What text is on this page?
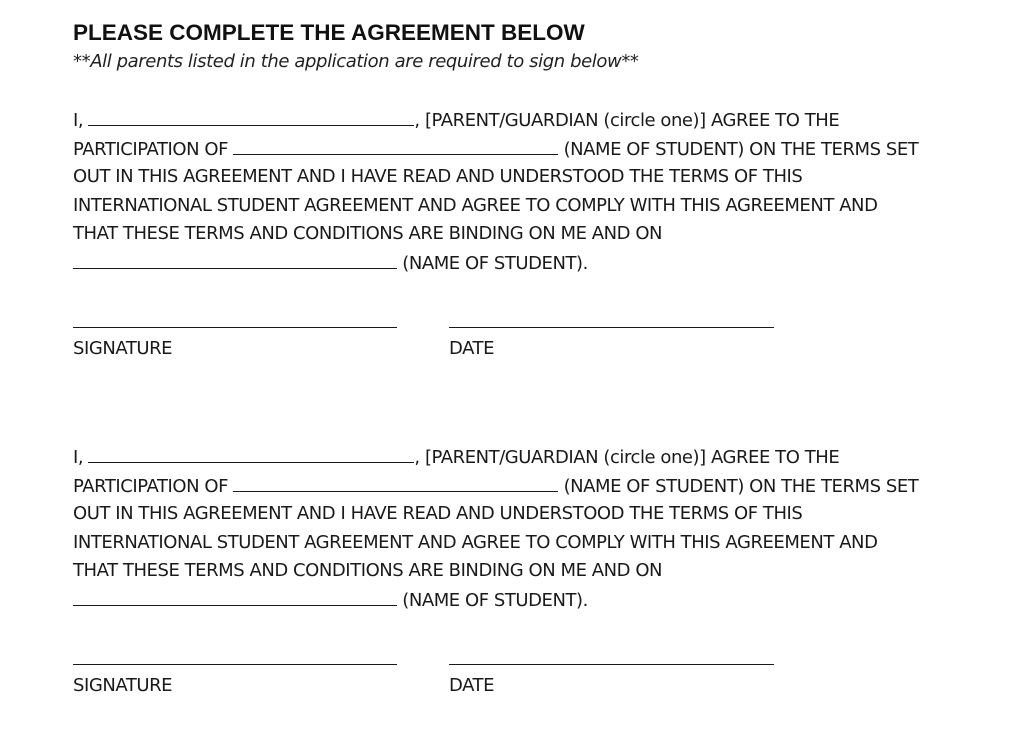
PLEASE COMPLETE THE AGREEMENT BELOW

**All parents listed in the application are required to sign below**

I,	, [PARENT/GUARDIAN (circle one)] AGREE TO THE
PARTICIPATION OF	(NAME OF STUDENT) ON THE TERMS SET
OUT IN THIS AGREEMENT AND I HAVE READ AND UNDERSTOOD THE TERMS OF THIS
INTERNATIONAL STUDENT AGREEMENT AND AGREE TO COMPLY WITH THIS AGREEMENT AND
THAT THESE TERMS AND CONDITIONS ARE BINDING ON ME AND ON
(NAME OF STUDENT).
SIGNATURE	DATE
I,	, [PARENT/GUARDIAN (circle one)] AGREE TO THE
PARTICIPATION OF	(NAME OF STUDENT) ON THE TERMS SET
OUT IN THIS AGREEMENT AND I HAVE READ AND UNDERSTOOD THE TERMS OF THIS
INTERNATIONAL STUDENT AGREEMENT AND AGREE TO COMPLY WITH THIS AGREEMENT AND
THAT THESE TERMS AND CONDITIONS ARE BINDING ON ME AND ON
(NAME OF STUDENT).
SIGNATURE	DATE
